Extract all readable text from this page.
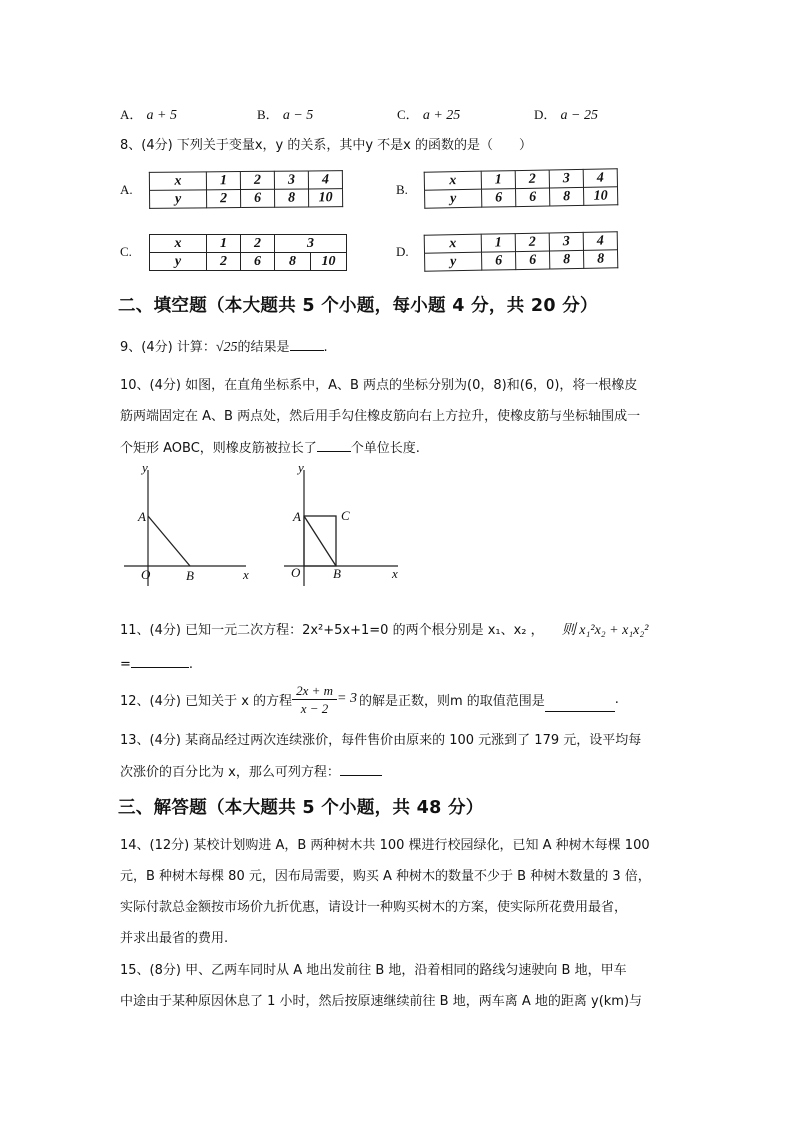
A． a + 5	B． a − 5	C． a + 25	D． a − 25
8、(4分) 下列关于变量x，y 的关系，其中y 不是x 的函数的是（　　）
A.
x	1	2	3	4
y	2	6	8	10
B.
x	1	2	3	4
y	6	6	8	10
C.
x	1	2	3	
y	2	6	8	10
D.
x	1	2	3	4
y	6	6	8	8
二、填空题（本大题共 5 个小题，每小题 4 分，共 20 分）
9、(4分) 计算：√25的结果是	.
10、(4分) 如图，在直角坐标系中，A、B 两点的坐标分别为(0，8)和(6，0)，将一根橡皮
筋两端固定在 A、B 两点处，然后用手勾住橡皮筋向右上方拉升，使橡皮筋与坐标轴围成一
个矩形 AOBC，则橡皮筋被拉长了	个单位长度.
y
x
A
O	B
y
x
A	C
O	B
11、(4分) 已知一元二次方程：2x²+5x+1=0 的两个根分别是 x₁、x₂ ， 则 x₁²x₂ + x₁x₂²
=	.
12、(4分) 已知关于 x 的方程 $\frac{2x + m}{x - 2} = 3$ 的解是正数，则m 的取值范围是	.
13、(4分) 某商品经过两次连续涨价，每件售价由原来的 100 元涨到了 179 元，设平均每
次涨价的百分比为 x，那么可列方程：
三、解答题（本大题共 5 个小题，共 48 分）
14、(12分) 某校计划购进 A，B 两种树木共 100 棵进行校园绿化，已知 A 种树木每棵 100
元，B 种树木每棵 80 元，因布局需要，购买 A 种树木的数量不少于 B 种树木数量的 3 倍，
实际付款总金额按市场价九折优惠，请设计一种购买树木的方案，使实际所花费用最省，
并求出最省的费用.
15、(8分) 甲、乙两车同时从 A 地出发前往 B 地，沿着相同的路线匀速驶向 B 地，甲车
中途由于某种原因休息了 1 小时，然后按原速继续前往 B 地，两车离 A 地的距离 y(km)与
